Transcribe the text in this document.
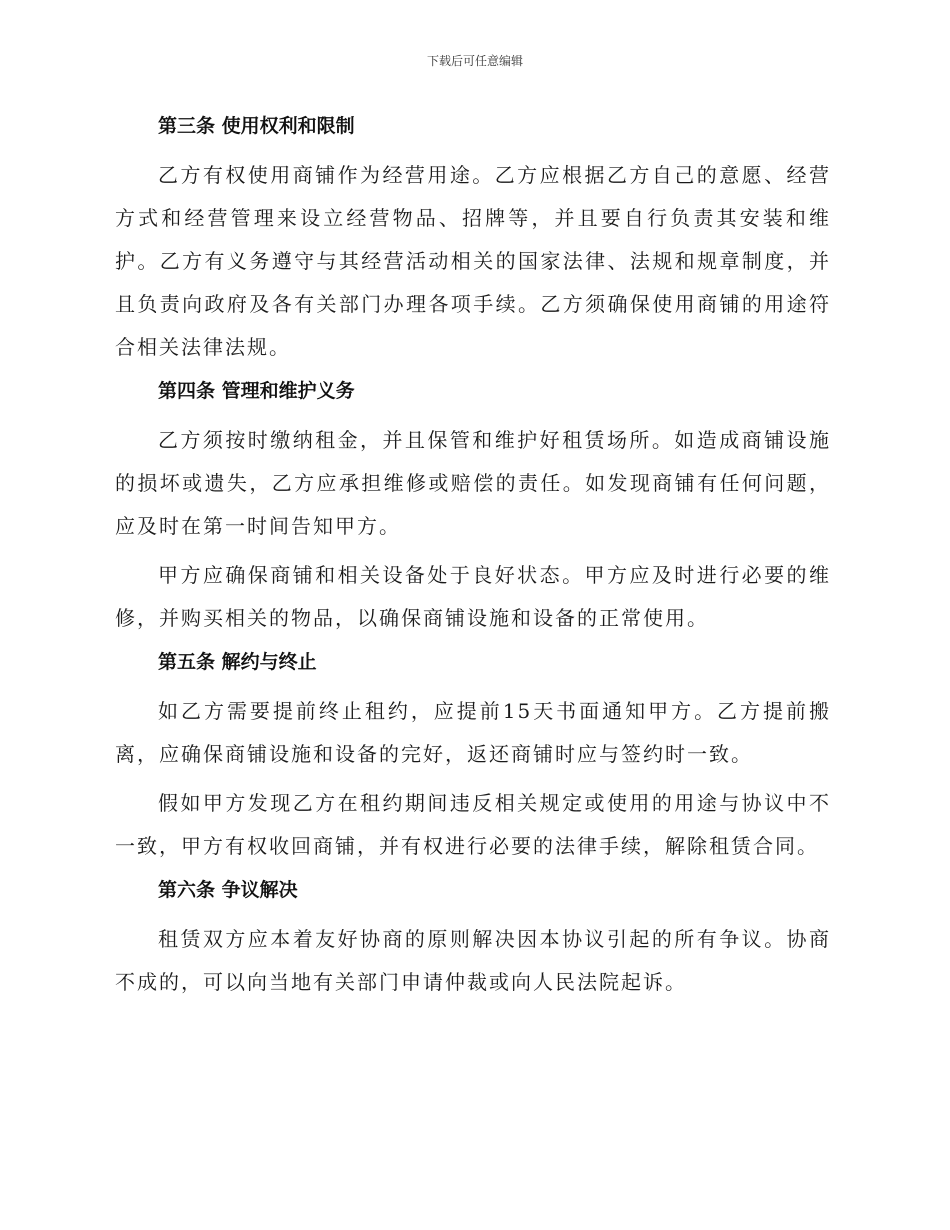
下载后可任意编辑
第三条 使用权利和限制

乙方有权使用商铺作为经营用途。乙方应根据乙方自己的意愿、经营方式和经营管理来设立经营物品、招牌等，并且要自行负责其安装和维护。乙方有义务遵守与其经营活动相关的国家法律、法规和规章制度，并且负责向政府及各有关部门办理各项手续。乙方须确保使用商铺的用途符合相关法律法规。

第四条 管理和维护义务

乙方须按时缴纳租金，并且保管和维护好租赁场所。如造成商铺设施的损坏或遗失，乙方应承担维修或赔偿的责任。如发现商铺有任何问题，应及时在第一时间告知甲方。

甲方应确保商铺和相关设备处于良好状态。甲方应及时进行必要的维修，并购买相关的物品，以确保商铺设施和设备的正常使用。

第五条 解约与终止

如乙方需要提前终止租约，应提前15天书面通知甲方。乙方提前搬离，应确保商铺设施和设备的完好，返还商铺时应与签约时一致。

假如甲方发现乙方在租约期间违反相关规定或使用的用途与协议中不一致，甲方有权收回商铺，并有权进行必要的法律手续，解除租赁合同。

第六条 争议解决

租赁双方应本着友好协商的原则解决因本协议引起的所有争议。协商不成的，可以向当地有关部门申请仲裁或向人民法院起诉。
